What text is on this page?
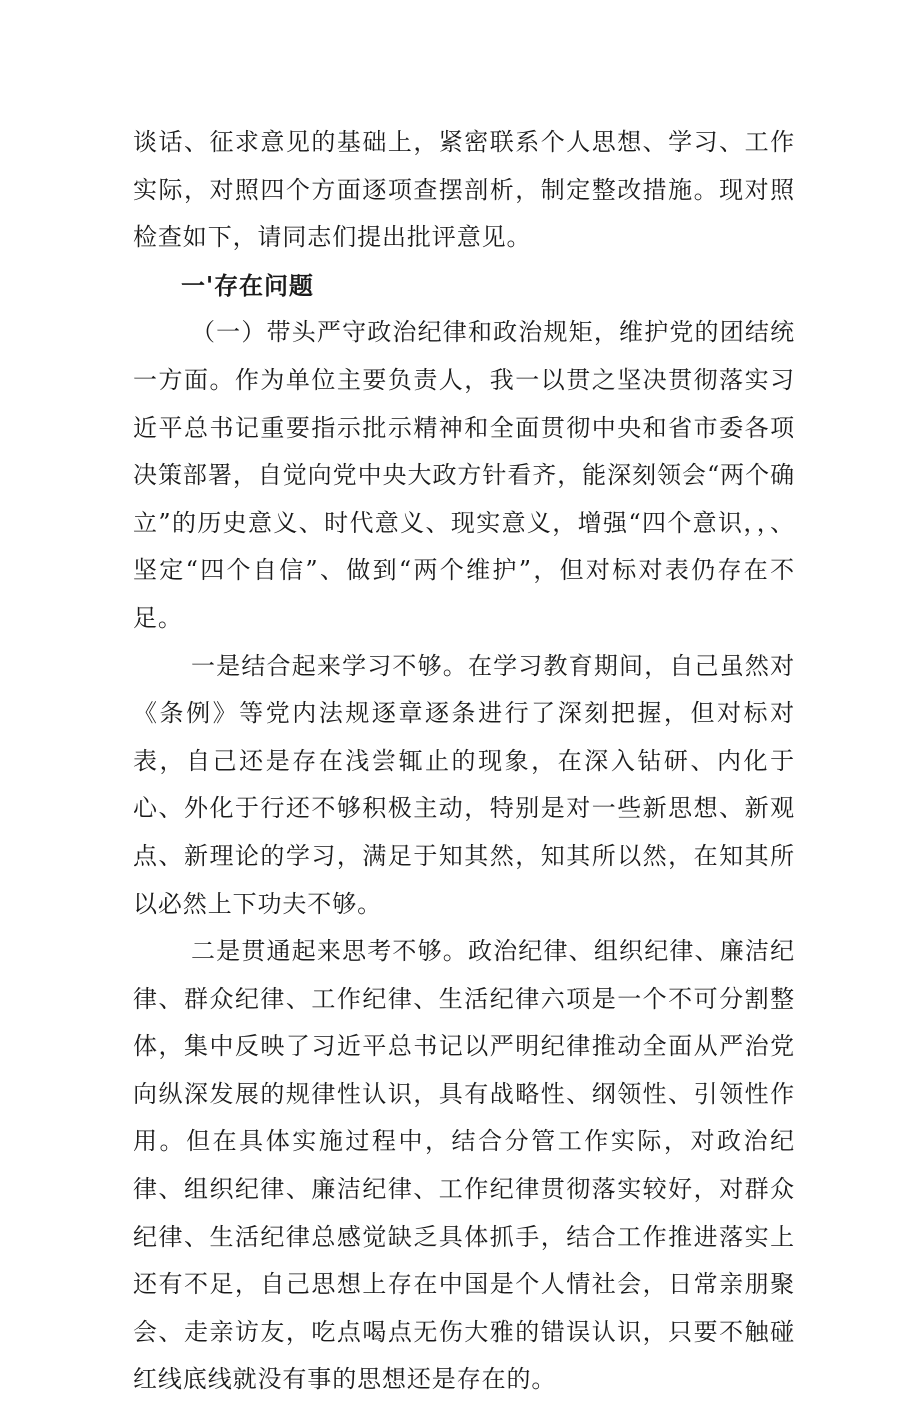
谈话、征求意见的基础上，紧密联系个人思想、学习、工作实际，对照四个方面逐项查摆剖析，制定整改措施。现对照检查如下，请同志们提出批评意见。

一'存在问题

（一）带头严守政治纪律和政治规矩，维护党的团结统一方面。作为单位主要负责人，我一以贯之坚决贯彻落实习近平总书记重要指示批示精神和全面贯彻中央和省市委各项决策部署，自觉向党中央大政方针看齐，能深刻领会“两个确立”的历史意义、时代意义、现实意义，增强“四个意识，，、坚定“四个自信”、做到“两个维护”，但对标对表仍存在不足。

一是结合起来学习不够。在学习教育期间，自己虽然对《条例》等党内法规逐章逐条进行了深刻把握，但对标对表，自己还是存在浅尝辄止的现象，在深入钻研、内化于心、外化于行还不够积极主动，特别是对一些新思想、新观点、新理论的学习，满足于知其然，知其所以然，在知其所以必然上下功夫不够。

二是贯通起来思考不够。政治纪律、组织纪律、廉洁纪律、群众纪律、工作纪律、生活纪律六项是一个不可分割整体，集中反映了习近平总书记以严明纪律推动全面从严治党向纵深发展的规律性认识，具有战略性、纲领性、引领性作用。但在具体实施过程中，结合分管工作实际，对政治纪律、组织纪律、廉洁纪律、工作纪律贯彻落实较好，对群众纪律、生活纪律总感觉缺乏具体抓手，结合工作推进落实上还有不足，自己思想上存在中国是个人情社会，日常亲朋聚会、走亲访友，吃点喝点无伤大雅的错误认识，只要不触碰红线底线就没有事的思想还是存在的。
